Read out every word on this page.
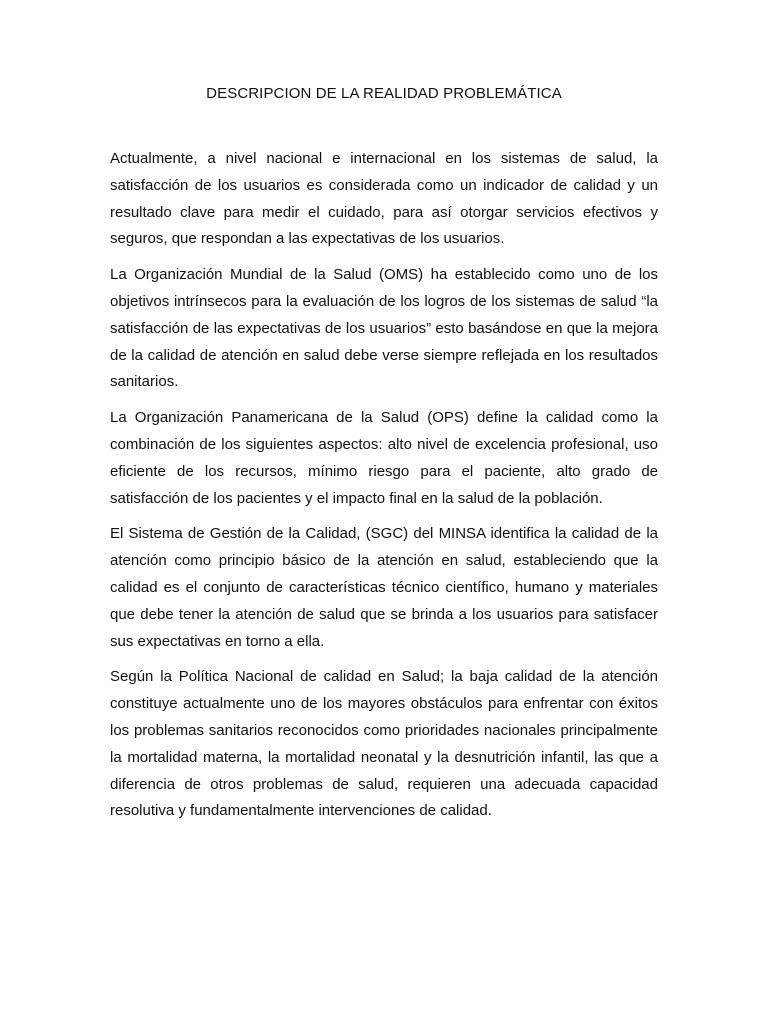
DESCRIPCION DE LA REALIDAD PROBLEMÁTICA

Actualmente, a nivel nacional e internacional en los sistemas de salud, la satisfacción de los usuarios es considerada como un indicador de calidad y un resultado clave para medir el cuidado, para así otorgar servicios efectivos y seguros, que respondan a las expectativas de los usuarios.

La Organización Mundial de la Salud (OMS) ha establecido como uno de los objetivos intrínsecos para la evaluación de los logros de los sistemas de salud “la satisfacción de las expectativas de los usuarios” esto basándose en que la mejora de la calidad de atención en salud debe verse siempre reflejada en los resultados sanitarios.

La Organización Panamericana de la Salud (OPS) define la calidad como la combinación de los siguientes aspectos: alto nivel de excelencia profesional, uso eficiente de los recursos, mínimo riesgo para el paciente, alto grado de satisfacción de los pacientes y el impacto final en la salud de la población.

El Sistema de Gestión de la Calidad, (SGC) del MINSA identifica la calidad de la atención como principio básico de la atención en salud, estableciendo que la calidad es el conjunto de características técnico científico, humano y materiales que debe tener la atención de salud que se brinda a los usuarios para satisfacer sus expectativas en torno a ella.

Según la Política Nacional de calidad en Salud; la baja calidad de la atención constituye actualmente uno de los mayores obstáculos para enfrentar con éxitos los problemas sanitarios reconocidos como prioridades nacionales principalmente la mortalidad materna, la mortalidad neonatal y la desnutrición infantil, las que a diferencia de otros problemas de salud, requieren una adecuada capacidad resolutiva y fundamentalmente intervenciones de calidad.
